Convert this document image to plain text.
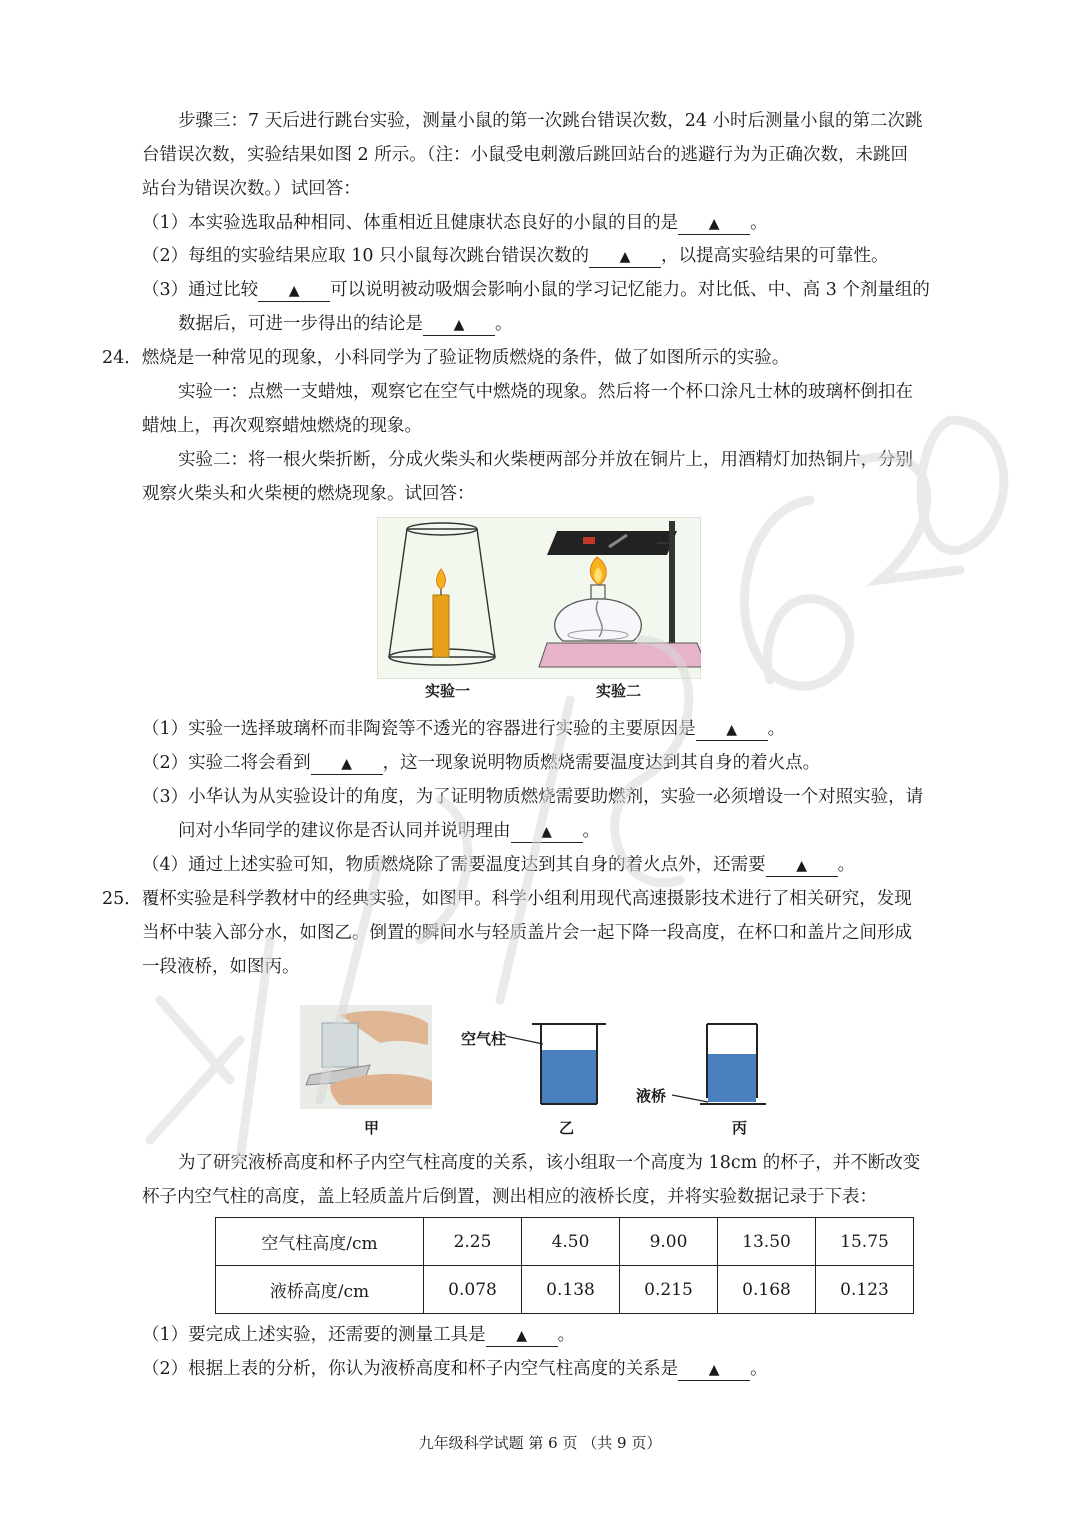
步骤三：7 天后进行跳台实验，测量小鼠的第一次跳台错误次数，24 小时后测量小鼠的第二次跳
台错误次数，实验结果如图 2 所示。（注：小鼠受电刺激后跳回站台的逃避行为为正确次数，未跳回
站台为错误次数。）试回答：
（1）本实验选取品种相同、体重相近且健康状态良好的小鼠的目的是 ▲ 。
（2）每组的实验结果应取 10 只小鼠每次跳台错误次数的 ▲ ，以提高实验结果的可靠性。
（3）通过比较 ▲ 可以说明被动吸烟会影响小鼠的学习记忆能力。对比低、中、高 3 个剂量组的
数据后，可进一步得出的结论是 ▲ 。
24．燃烧是一种常见的现象，小科同学为了验证物质燃烧的条件，做了如图所示的实验。
实验一：点燃一支蜡烛，观察它在空气中燃烧的现象。然后将一个杯口涂凡士林的玻璃杯倒扣在
蜡烛上，再次观察蜡烛燃烧的现象。
实验二：将一根火柴折断，分成火柴头和火柴梗两部分并放在铜片上，用酒精灯加热铜片，分别
观察火柴头和火柴梗的燃烧现象。试回答：
实验一	实验二
（1）实验一选择玻璃杯而非陶瓷等不透光的容器进行实验的主要原因是 ▲ 。
（2）实验二将会看到 ▲ ，这一现象说明物质燃烧需要温度达到其自身的着火点。
（3）小华认为从实验设计的角度，为了证明物质燃烧需要助燃剂，实验一必须增设一个对照实验，请
问对小华同学的建议你是否认同并说明理由 ▲ 。
（4）通过上述实验可知，物质燃烧除了需要温度达到其自身的着火点外，还需要 ▲ 。
25．覆杯实验是科学教材中的经典实验，如图甲。科学小组利用现代高速摄影技术进行了相关研究，发现
当杯中装入部分水，如图乙。倒置的瞬间水与轻质盖片会一起下降一段高度，在杯口和盖片之间形成
一段液桥，如图丙。
甲
空气柱
乙
液桥
丙
为了研究液桥高度和杯子内空气柱高度的关系，该小组取一个高度为 18cm 的杯子，并不断改变
杯子内空气柱的高度，盖上轻质盖片后倒置，测出相应的液桥长度，并将实验数据记录于下表：
空气柱高度/cm	2.25	4.50	9.00	13.50	15.75
液桥高度/cm	0.078	0.138	0.215	0.168	0.123
（1）要完成上述实验，还需要的测量工具是 ▲ 。
（2）根据上表的分析，你认为液桥高度和杯子内空气柱高度的关系是 ▲ 。
九年级科学试题 第 6 页 （共 9 页）
